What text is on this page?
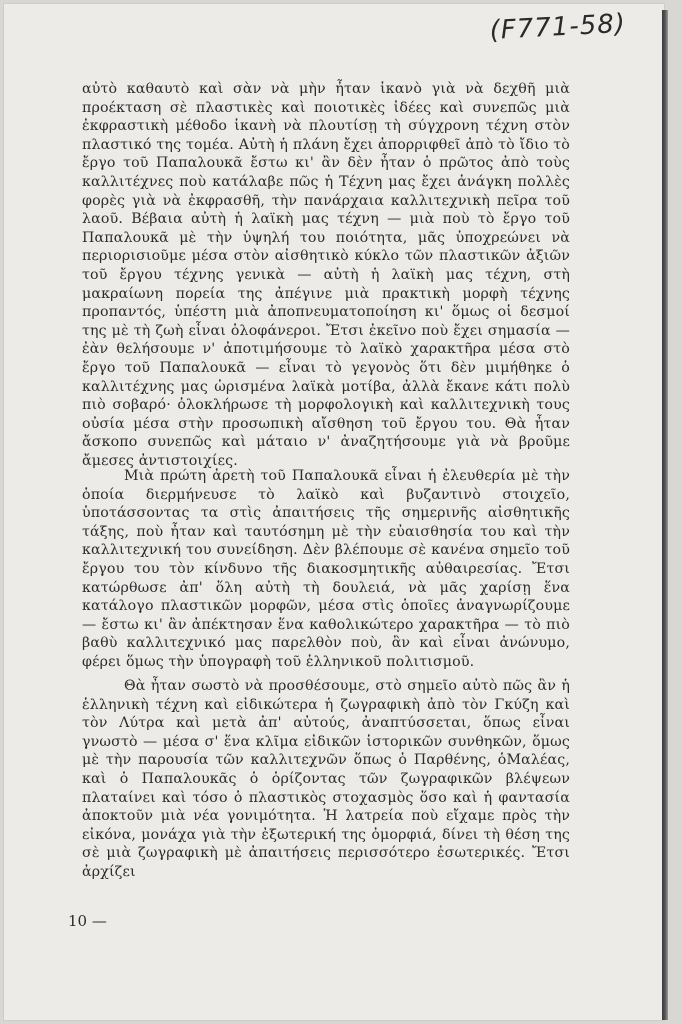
(F771-58)
αὐτὸ καθαυτὸ καὶ σὰν νὰ μὴν ἦταν ἱκανὸ γιὰ νὰ δεχθῆ μιὰ προέκταση σὲ πλαστικὲς καὶ ποιοτικὲς ἰδέες καὶ συνεπῶς μιὰ ἐκφραστικὴ μέθοδο ἱκανὴ νὰ πλουτίσῃ τὴ σύγχρονη τέχνη στὸν πλαστικό της τομέα. Αὐτὴ ἡ πλάνη ἔχει ἀπορριφθεῖ ἀπὸ τὸ ἴδιο τὸ ἔργο τοῦ Παπαλουκᾶ ἔστω κι' ἂν δὲν ἦταν ὁ πρῶτος ἀπὸ τοὺς καλλιτέχνες ποὺ κατάλαβε πῶς ἡ Τέχνη μας ἔχει ἀνάγκη πολλὲς φορὲς γιὰ νὰ ἐκφρασθῆ, τὴν πανάρχαια καλλιτεχνικὴ πεῖρα τοῦ λαοῦ. Βέβαια αὐτὴ ἡ λαϊκὴ μας τέχνη — μιὰ ποὺ τὸ ἔργο τοῦ Παπαλουκᾶ μὲ τὴν ὑψηλή του ποιότητα, μᾶς ὑποχρεώνει νὰ περιορισιοῦμε μέσα στὸν αἰσθητικὸ κύκλο τῶν πλαστικῶν ἀξιῶν τοῦ ἔργου τέχνης γενικὰ — αὐτὴ ἡ λαϊκὴ μας τέχνη, στὴ μακραίωνη πορεία της ἀπέγινε μιὰ πρακτικὴ μορφὴ τέχνης προπαντός, ὑπέστη μιὰ ἀποπνευματοποίηση κι' ὅμως οἱ δεσμοί της μὲ τὴ ζωὴ εἶναι ὁλοφάνεροι. Ἔτσι ἐκεῖνο ποὺ ἔχει σημασία — ἐὰν θελήσουμε ν' ἀποτιμήσουμε τὸ λαϊκὸ χαρακτῆρα μέσα στὸ ἔργο τοῦ Παπαλουκᾶ — εἶναι τὸ γεγονὸς ὅτι δὲν μιμήθηκε ὁ καλλιτέχνης μας ὡρισμένα λαϊκὰ μοτίβα, ἀλλὰ ἔκανε κάτι πολὺ πιὸ σοβαρό· ὁλοκλήρωσε τὴ μορφολογικὴ καὶ καλλιτεχνικὴ τους οὐσία μέσα στὴν προσωπικὴ αἴσθηση τοῦ ἔργου του. Θὰ ἦταν ἄσκοπο συνεπῶς καὶ μάταιο ν' ἀναζητήσουμε γιὰ νὰ βροῦμε ἄμεσες ἀντιστοιχίες.
Μιὰ πρώτη ἀρετὴ τοῦ Παπαλουκᾶ εἶναι ἡ ἐλευθερία μὲ τὴν ὁποία διερμήνευσε τὸ λαϊκὸ καὶ βυζαντινὸ στοιχεῖο, ὑποτάσσοντας τα στὶς ἀπαιτήσεις τῆς σημερινῆς αἰσθητικῆς τάξης, ποὺ ἦταν καὶ ταυτόσημη μὲ τὴν εὐαισθησία του καὶ τὴν καλλιτεχνική του συνείδηση. Δὲν βλέπουμε σὲ κανένα σημεῖο τοῦ ἔργου του τὸν κίνδυνο τῆς διακοσμητικῆς αὐθαιρεσίας. Ἔτσι κατώρθωσε ἀπ' ὅλη αὐτὴ τὴ δουλειά, νὰ μᾶς χαρίσῃ ἕνα κατάλογο πλαστικῶν μορφῶν, μέσα στὶς ὁποῖες ἀναγνωρίζουμε — ἔστω κι' ἂν ἀπέκτησαν ἕνα καθολικώτερο χαρακτῆρα — τὸ πιὸ βαθὺ καλλιτεχνικό μας παρελθὸν ποὺ, ἂν καὶ εἶναι ἀνώνυμο, φέρει ὅμως τὴν ὑπογραφὴ τοῦ ἑλληνικοῦ πολιτισμοῦ.
Θὰ ἦταν σωστὸ νὰ προσθέσουμε, στὸ σημεῖο αὐτὸ πῶς ἂν ἡ ἑλληνικὴ τέχνη καὶ εἰδικώτερα ἡ ζωγραφικὴ ἀπὸ τὸν Γκύζη καὶ τὸν Λύτρα καὶ μετὰ ἀπ' αὐτούς, ἀναπτύσσεται, ὅπως εἶναι γνωστὸ — μέσα σ' ἕνα κλῖμα εἰδικῶν ἱστορικῶν συνθηκῶν, ὅμως μὲ τὴν παρουσία τῶν καλλιτεχνῶν ὅπως ὁ Παρθένης, ὁΜαλέας, καὶ ὁ Παπαλουκᾶς ὁ ὁρίζοντας τῶν ζωγραφικῶν βλέψεων πλαταίνει καὶ τόσο ὁ πλαστικὸς στοχασμὸς ὅσο καὶ ἡ φαντασία ἀποκτοῦν μιὰ νέα γονιμότητα. Ἡ λατρεία ποὺ εἴχαμε πρὸς τὴν εἰκόνα, μονάχα γιὰ τὴν ἐξωτερική της ὀμορφιά, δίνει τὴ θέση της σὲ μιὰ ζωγραφικὴ μὲ ἀπαιτήσεις περισσότερο ἐσωτερικές. Ἔτσι ἀρχίζει
10 —
